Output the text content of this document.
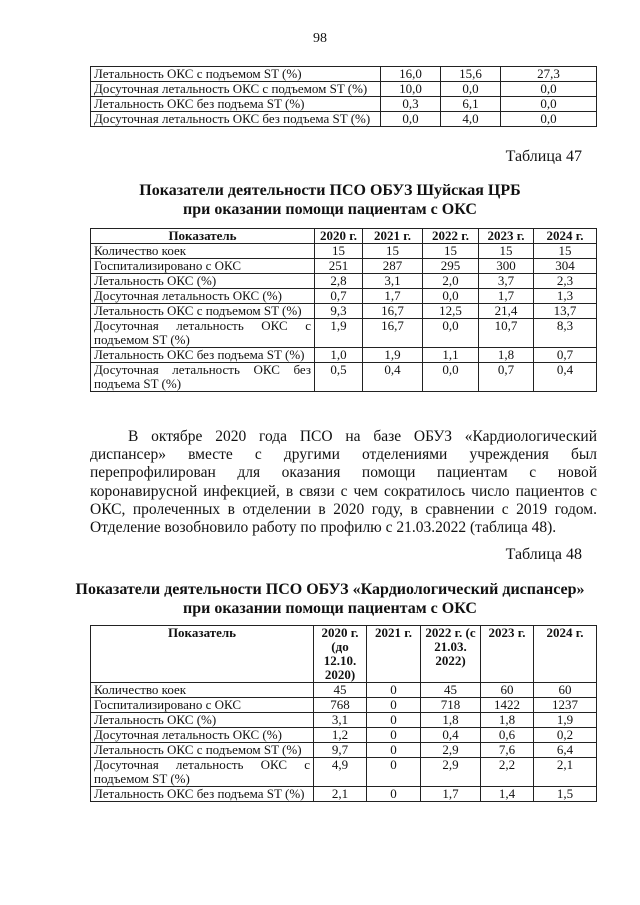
98
Летальность ОКС с подъемом ST (%)	16,0	15,6	27,3
Досуточная летальность ОКС с подъемом ST (%)	10,0	0,0	0,0
Летальность ОКС без подъема ST (%)	0,3	6,1	0,0
Досуточная летальность ОКС без подъема ST (%)	0,0	4,0	0,0
Таблица 47
Показатели деятельности ПСО ОБУЗ Шуйская ЦРБ
при оказании помощи пациентам с ОКС
Показатель	2020 г.	2021 г.	2022 г.	2023 г.	2024 г.
Количество коек	15	15	15	15	15
Госпитализировано с ОКС	251	287	295	300	304
Летальность ОКС (%)	2,8	3,1	2,0	3,7	2,3
Досуточная летальность ОКС (%)	0,7	1,7	0,0	1,7	1,3
Летальность ОКС с подъемом ST (%)	9,3	16,7	12,5	21,4	13,7
Досуточная летальность ОКС с подъемом ST (%)	1,9	16,7	0,0	10,7	8,3
Летальность ОКС без подъема ST (%)	1,0	1,9	1,1	1,8	0,7
Досуточная летальность ОКС без подъема ST (%)	0,5	0,4	0,0	0,7	0,4
В октябре 2020 года ПСО на базе ОБУЗ «Кардиологический диспансер» вместе с другими отделениями учреждения был перепрофилирован для оказания помощи пациентам с новой коронавирусной инфекцией, в связи с чем сократилось число пациентов с ОКС, пролеченных в отделении в 2020 году, в сравнении с 2019 годом. Отделение возобновило работу по профилю с 21.03.2022 (таблица 48).
Таблица 48
Показатели деятельности ПСО ОБУЗ «Кардиологический диспансер»
при оказании помощи пациентам с ОКС
Показатель	2020 г. (до 12.10. 2020)	2021 г.	2022 г. (с 21.03. 2022)	2023 г.	2024 г.
Количество коек	45	0	45	60	60
Госпитализировано с ОКС	768	0	718	1422	1237
Летальность ОКС (%)	3,1	0	1,8	1,8	1,9
Досуточная летальность ОКС (%)	1,2	0	0,4	0,6	0,2
Летальность ОКС с подъемом ST (%)	9,7	0	2,9	7,6	6,4
Досуточная летальность ОКС с подъемом ST (%)	4,9	0	2,9	2,2	2,1
Летальность ОКС без подъема ST (%)	2,1	0	1,7	1,4	1,5
